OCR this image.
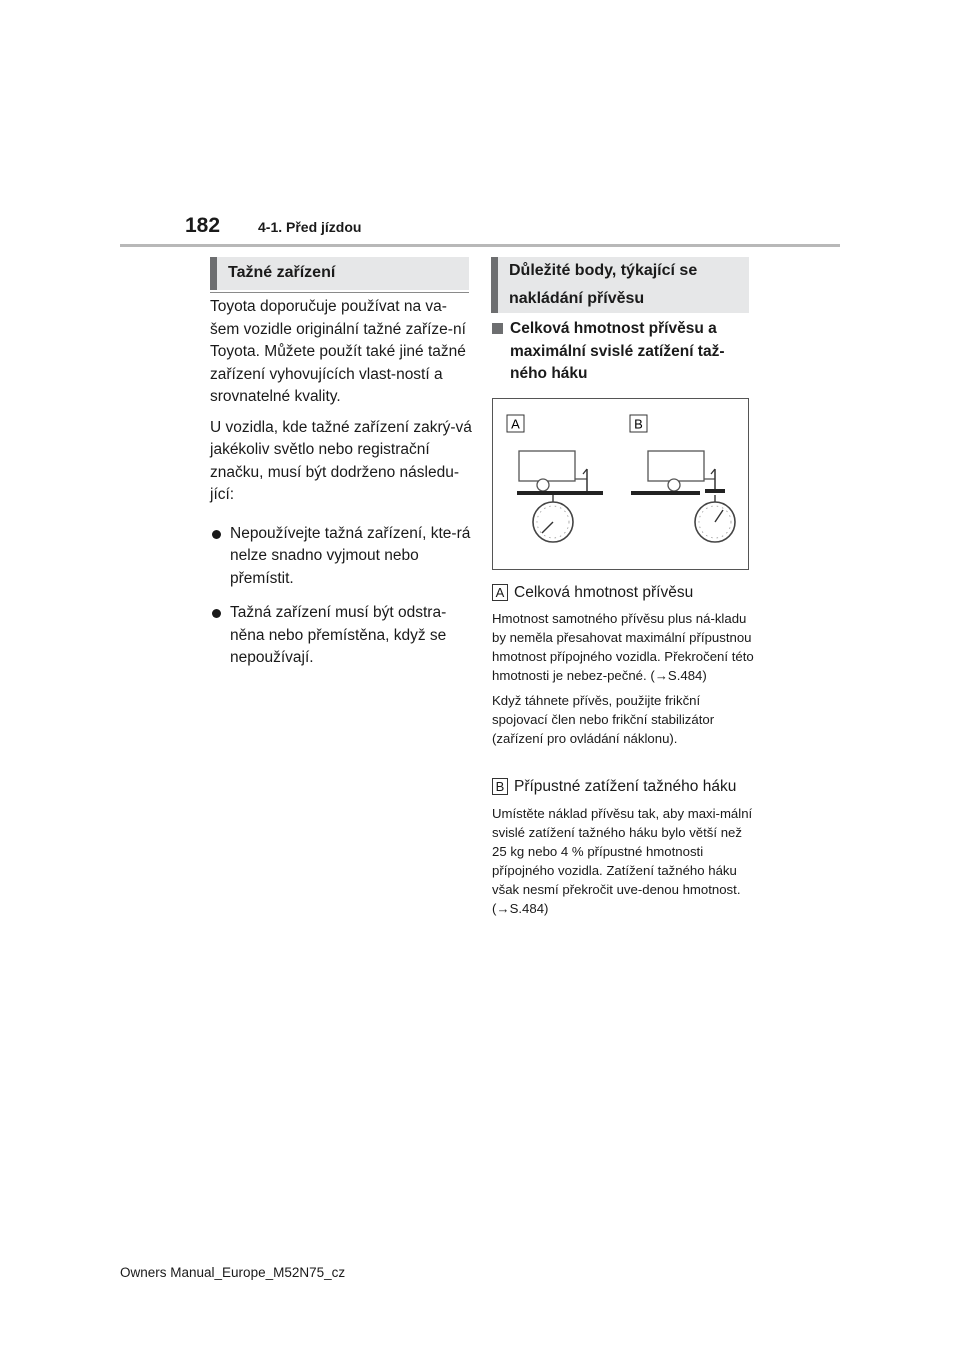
182	4-1. Před jízdou
Tažné zařízení

Toyota doporučuje používat na va-šem vozidle originální tažné zaříze-ní Toyota. Můžete použít také jiné tažné zařízení vyhovujících vlast-ností a srovnatelné kvality.

U vozidla, kde tažné zařízení zakrý-vá jakékoliv světlo nebo registrační značku, musí být dodrženo následu-jící:

Nepoužívejte tažná zařízení, kte-rá nelze snadno vyjmout nebo přemístit.
Tažná zařízení musí být odstra-něna nebo přemístěna, když se nepoužívají.
Důležité body, týkající se nakládání přívěsu
Celková hmotnost přívěsu a maximální svislé zatížení taž-ného háku
A	B
A Celková hmotnost přívěsu

Hmotnost samotného přívěsu plus ná-kladu by neměla přesahovat maximální přípustnou hmotnost přípojného vozidla. Překročení této hmotnosti je nebez-pečné. (→S.484)

Když táhnete přívěs, použijte frikční spojovací člen nebo frikční stabilizátor (zařízení pro ovládání náklonu).

B Přípustné zatížení tažného háku

Umístěte náklad přívěsu tak, aby maxi-mální svislé zatížení tažného háku bylo větší než 25 kg nebo 4 % přípustné hmotnosti přípojného vozidla. Zatížení tažného háku však nesmí překročit uve-denou hmotnost. (→S.484)

Owners Manual_Europe_M52N75_cz
